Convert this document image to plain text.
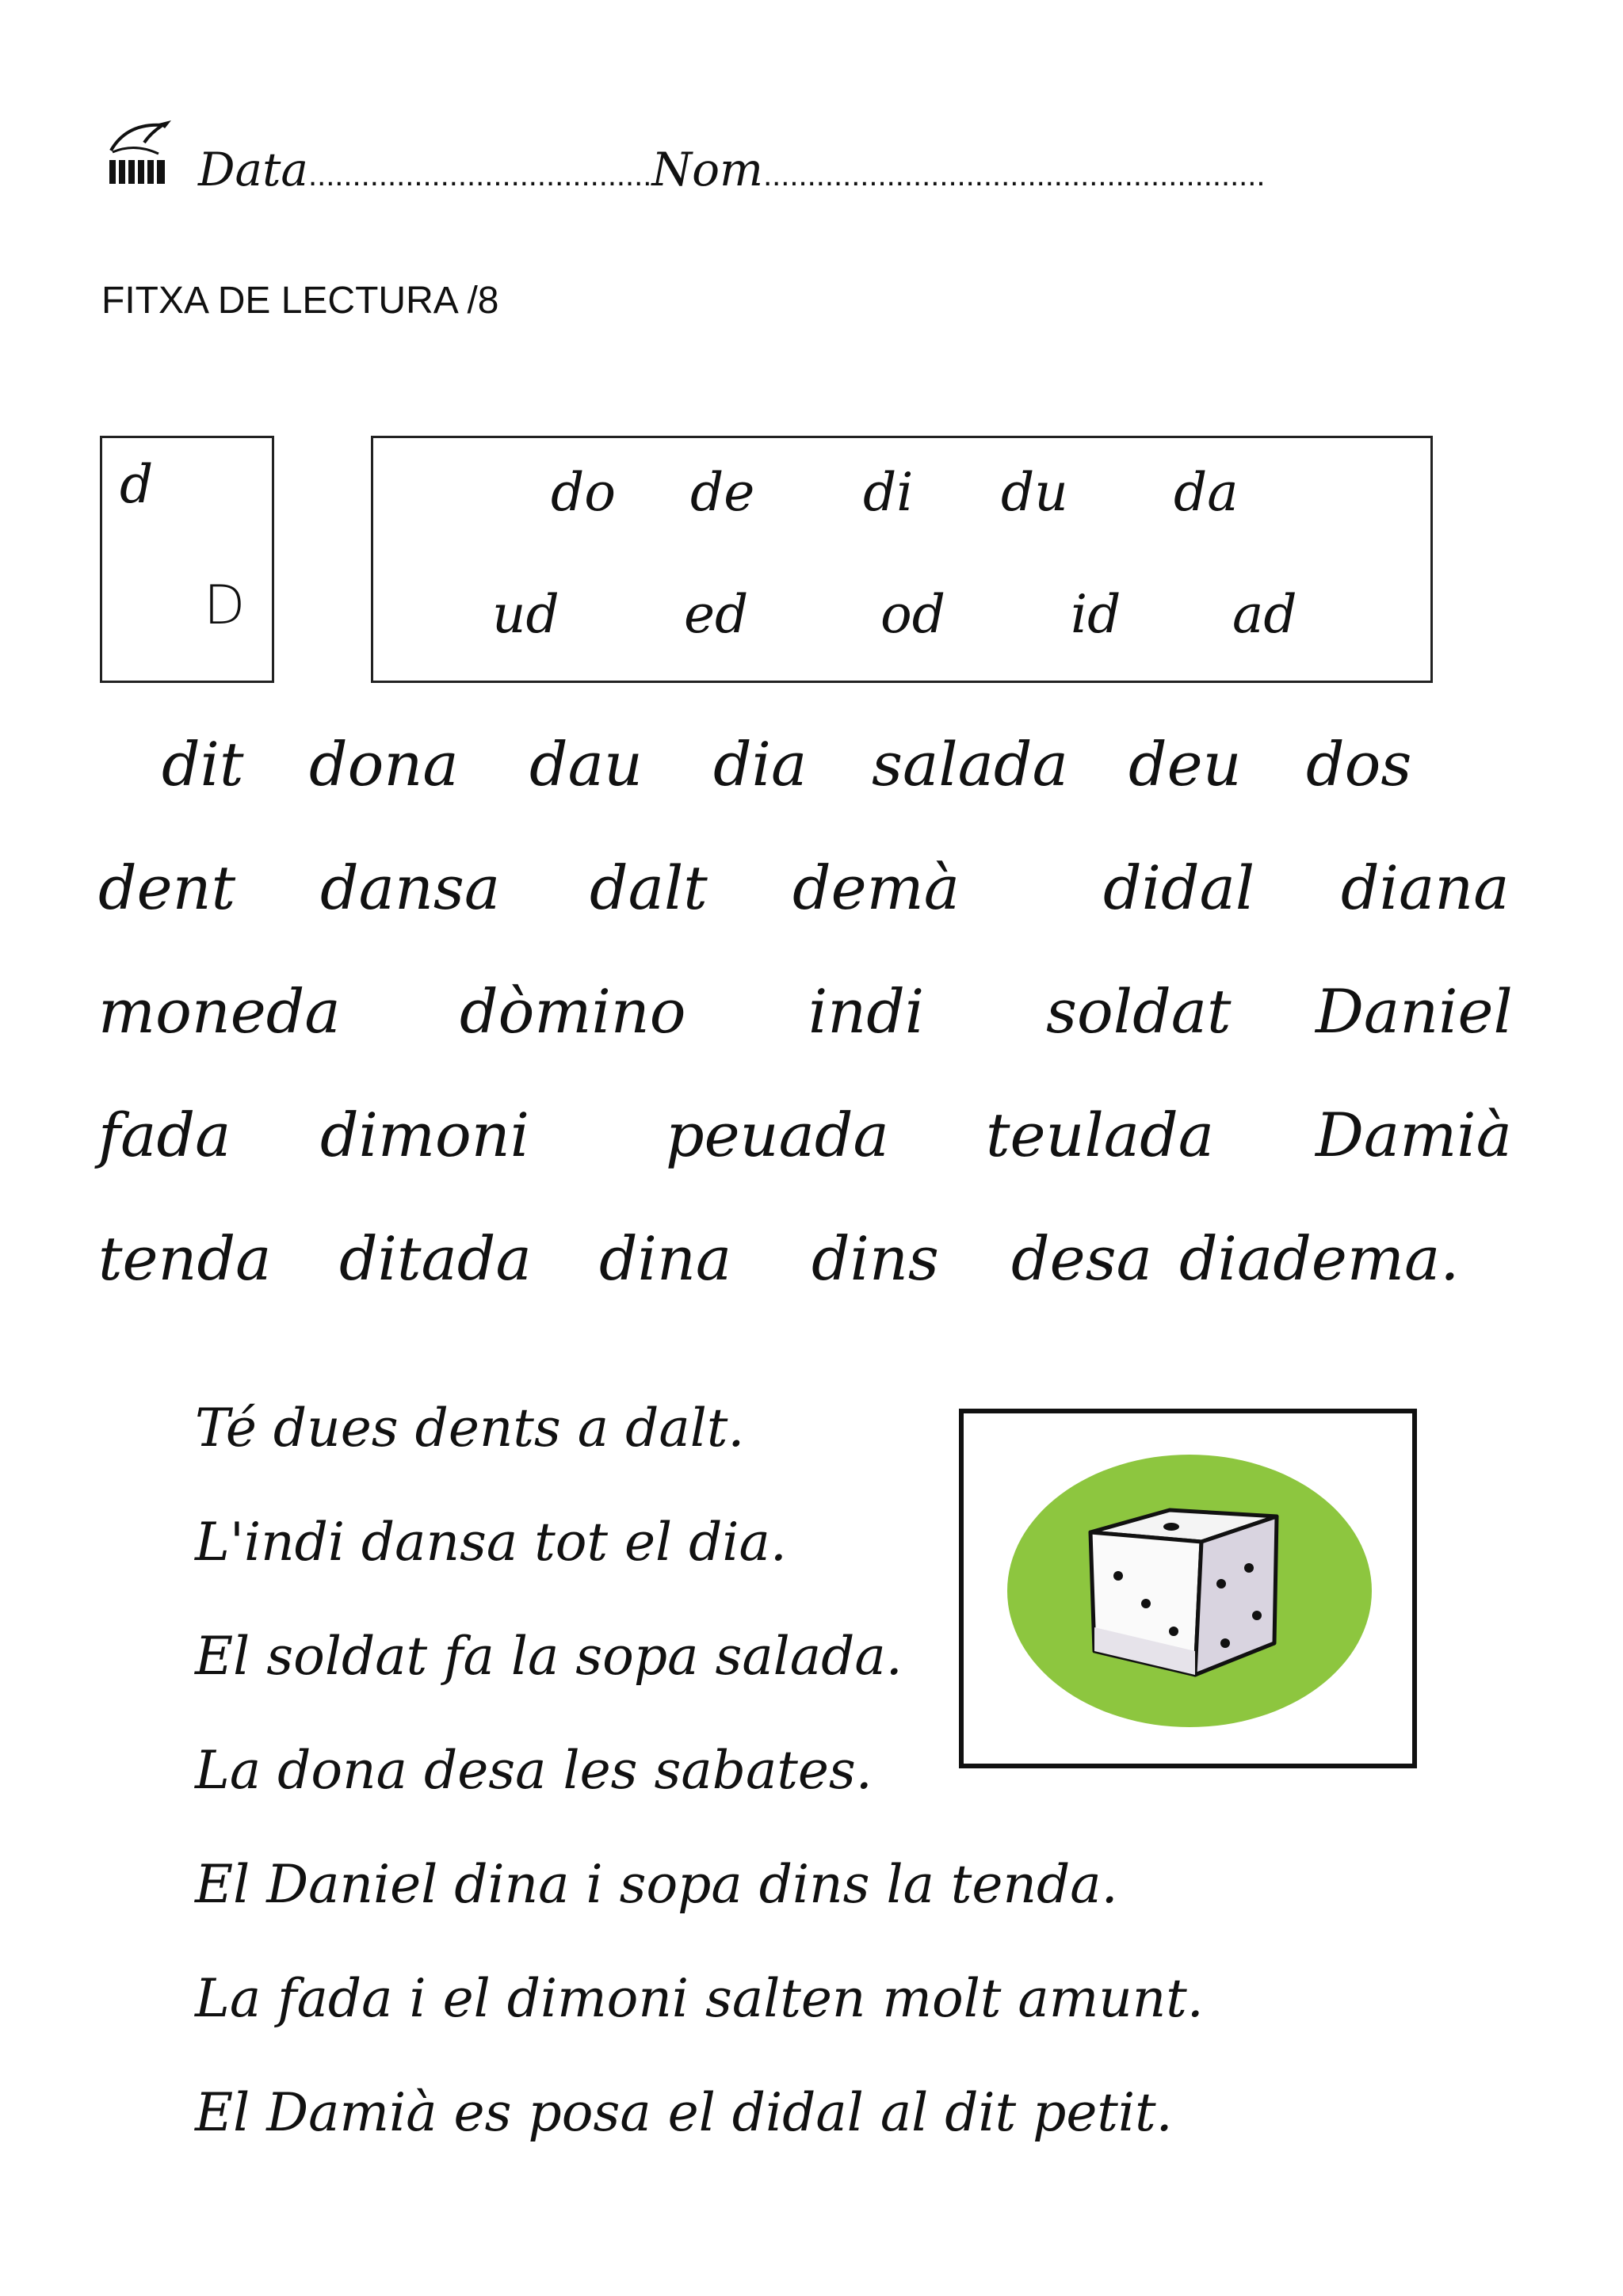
Data.......................................Nom.........................................................
FITXA DE LECTURA /8
d
D
do de di du da
ud ed	od id ad
dit dona dau dia salada deu dos
dent dansa dalt demà didal diana
moneda dòmino indi soldat Daniel
fada dimoni peuada teulada Damià
tenda ditada dina dins desa diadema.
Té dues dents a dalt.
L'indi dansa tot el dia.
El soldat fa la sopa salada.
La dona desa les sabates.
El Daniel dina i sopa dins la tenda.
La fada i el dimoni salten molt amunt.
El Damià es posa el didal al dit petit.
